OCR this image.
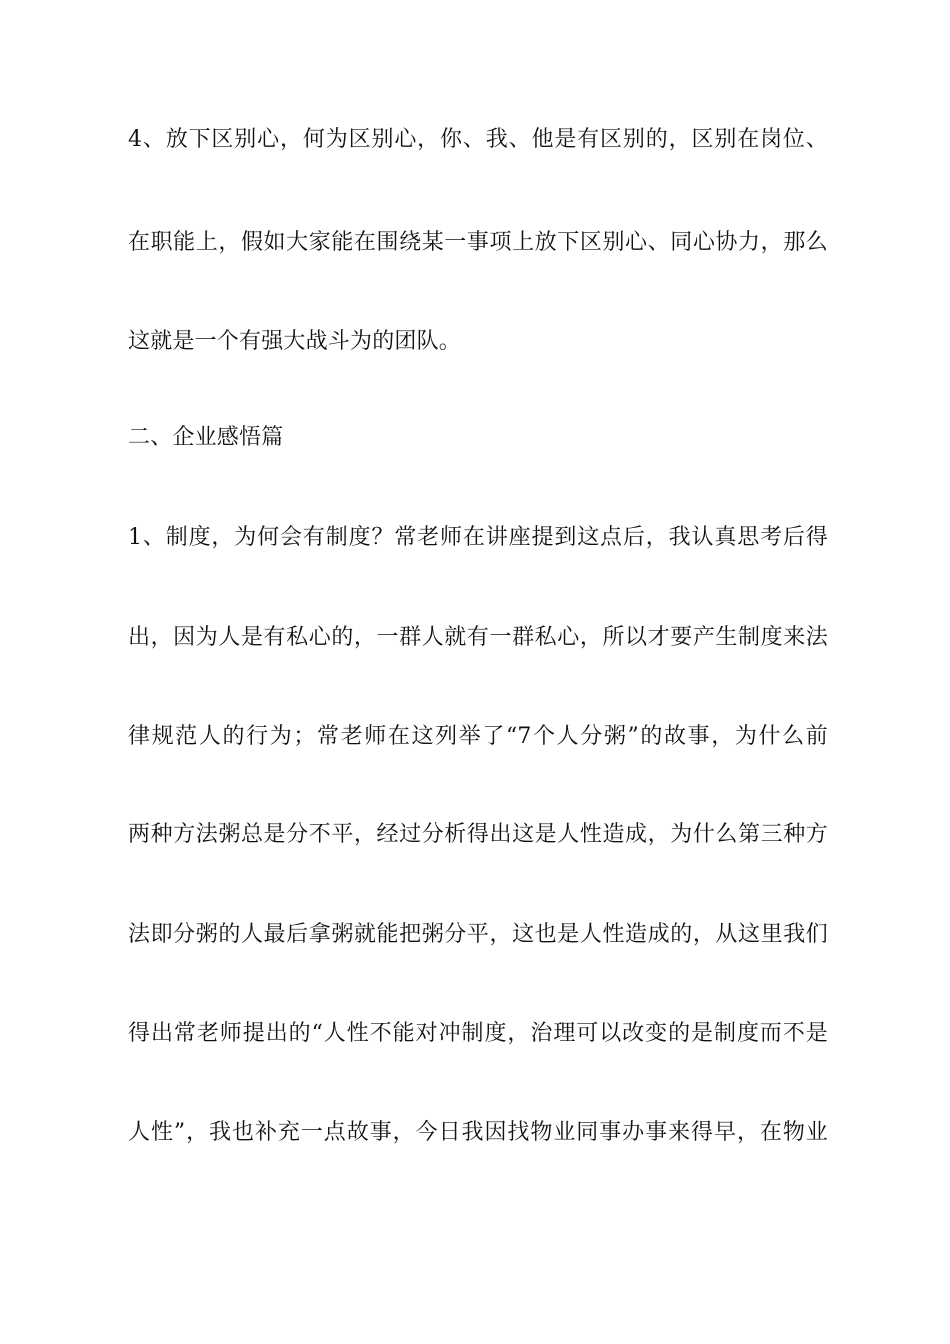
4、放下区别心，何为区别心，你、我、他是有区别的，区别在岗位、
在职能上，假如大家能在围绕某一事项上放下区别心、同心协力，那么
这就是一个有强大战斗为的团队。
二、企业感悟篇
1、制度，为何会有制度？常老师在讲座提到这点后，我认真思考后得
出，因为人是有私心的，一群人就有一群私心，所以才要产生制度来法
律规范人的行为；常老师在这列举了“7个人分粥”的故事，为什么前
两种方法粥总是分不平，经过分析得出这是人性造成，为什么第三种方
法即分粥的人最后拿粥就能把粥分平，这也是人性造成的，从这里我们
得出常老师提出的“人性不能对冲制度，治理可以改变的是制度而不是
人性”，我也补充一点故事，今日我因找物业同事办事来得早，在物业
